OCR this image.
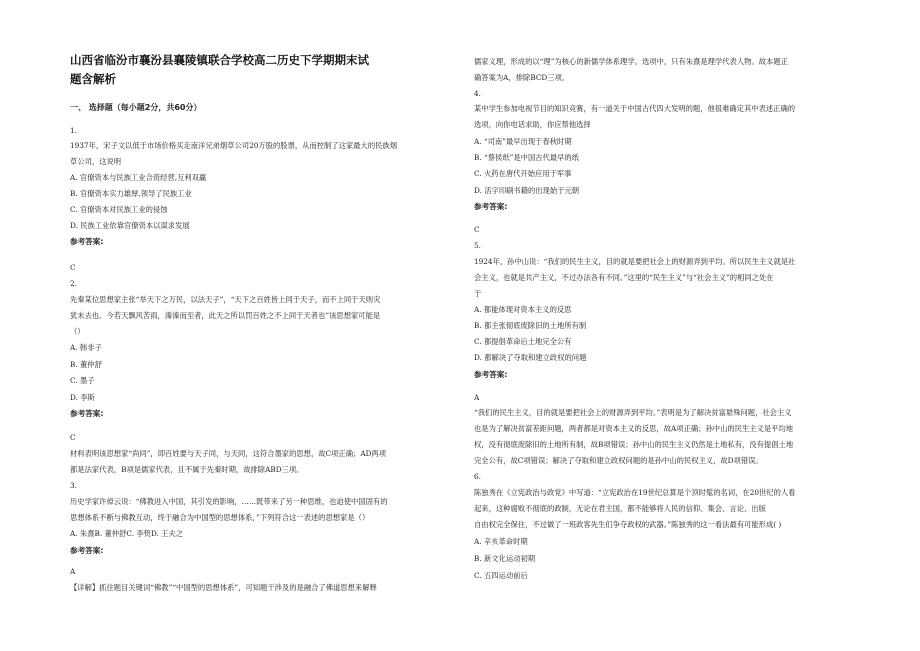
山西省临汾市襄汾县襄陵镇联合学校高二历史下学期期末试
题含解析
一、 选择题（每小题2分，共60分）
1.
1937年，宋子文以低于市场价格买走南洋兄弟烟草公司20万股的股票，从而控制了这家最大的民族烟
草公司，这说明
A. 官僚资本与民族工业合资经营,互利双赢
B. 官僚资本实力雄厚,领导了民族工业
C. 官僚资本对民族工业的侵蚀
D. 民族工业依靠官僚资本以谋求发展
参考答案:
C
2.
先秦某位思想家主张“举天下之万民，以法天子”，“天下之百姓皆上同于天子，而不上同于天则灾
犹未去也。今若天飘风苦雨，溱溱而至者，此天之所以罚百姓之不上同于天者也”该思想家可能是
（）
A. 韩非子
B. 董仲舒
C. 墨子
D. 李斯
参考答案:
C
材料表明该思想家“尚同”，即百姓要与天子同，与天同，这符合墨家的思想，故C项正确；AD两项
都是法家代表，B项是儒家代表，且不属于先秦时期，故排除ABD三项。
3.
历史学家许倬云说：“佛教进入中国，其引发的影响，……既带来了另一种思维，也迫使中国固有的
思想体系不断与佛教互动，终于融合为中国型的思想体系，”下列符合这一表述的思想家是（）
A. 朱熹B. 董仲舒C. 李贽D. 王夫之
参考答案:
A
【详解】抓住题目关键词“佛教”“中国型的思想体系”，可知题干涉及的是融合了佛道思想来解释
儒家义理，形成的以“理”为核心的新儒学体系理学。选项中，只有朱熹是理学代表人物。故本题正
确答案为A，排除BCD三项。
4.
某中学生参加电视节目的知识竞赛，有一道关于中国古代四大发明的题，他很难确定其中表述正确的
选项，向你电话求助，你应帮他选择
A. “司南”最早出现于春秋时期
B. “蔡侯纸”是中国古代最早的纸
C. 火药在唐代开始应用于军事
D. 活字印刷书籍的出现始于元朝
参考答案:
C
5.
1924年，孙中山说：“我们的民生主义，目的就是要把社会上的财源弄到平均。所以民生主义就是社
会主义，也就是共产主义，不过办法各有不同。”这里的“民生主义”与“社会主义”的相同之处在
于
A. 都能体现对资本主义的反思
B. 都主张彻底废除旧的土地所有制
C. 都提倡革命后土地完全公有
D. 都解决了夺取和建立政权的问题
参考答案:
A
“我们的民生主义，目的就是要把社会上的财源弄到平均。”表明是为了解决贫富悬殊问题，社会主义
也是为了解决贫富差距问题，两者都是对资本主义的反思，故A项正确；孙中山的民生主义是平均地
权，没有彻底废除旧的土地所有制，故B项错误；孙中山的民生主义仍然是土地私有，没有提倡土地
完全公有，故C项错误；解决了夺取和建立政权问题的是孙中山的民权主义，故D项错误。
6.
陈独秀在《立宪政治与政党》中写道：“立宪政治在19世纪总算是个顶时髦的名词，在20世纪的人看
起来，这种腐败不彻底的政制，无论在君主国，都不能够将人民的信仰、集会、言论、出版
自由权完全保住，不过做了一班政客先生们争夺政权的武器。”陈独秀的这一看法最有可能形成( )
A. 辛亥革命时期
B. 新文化运动初期
C. 五四运动前后
